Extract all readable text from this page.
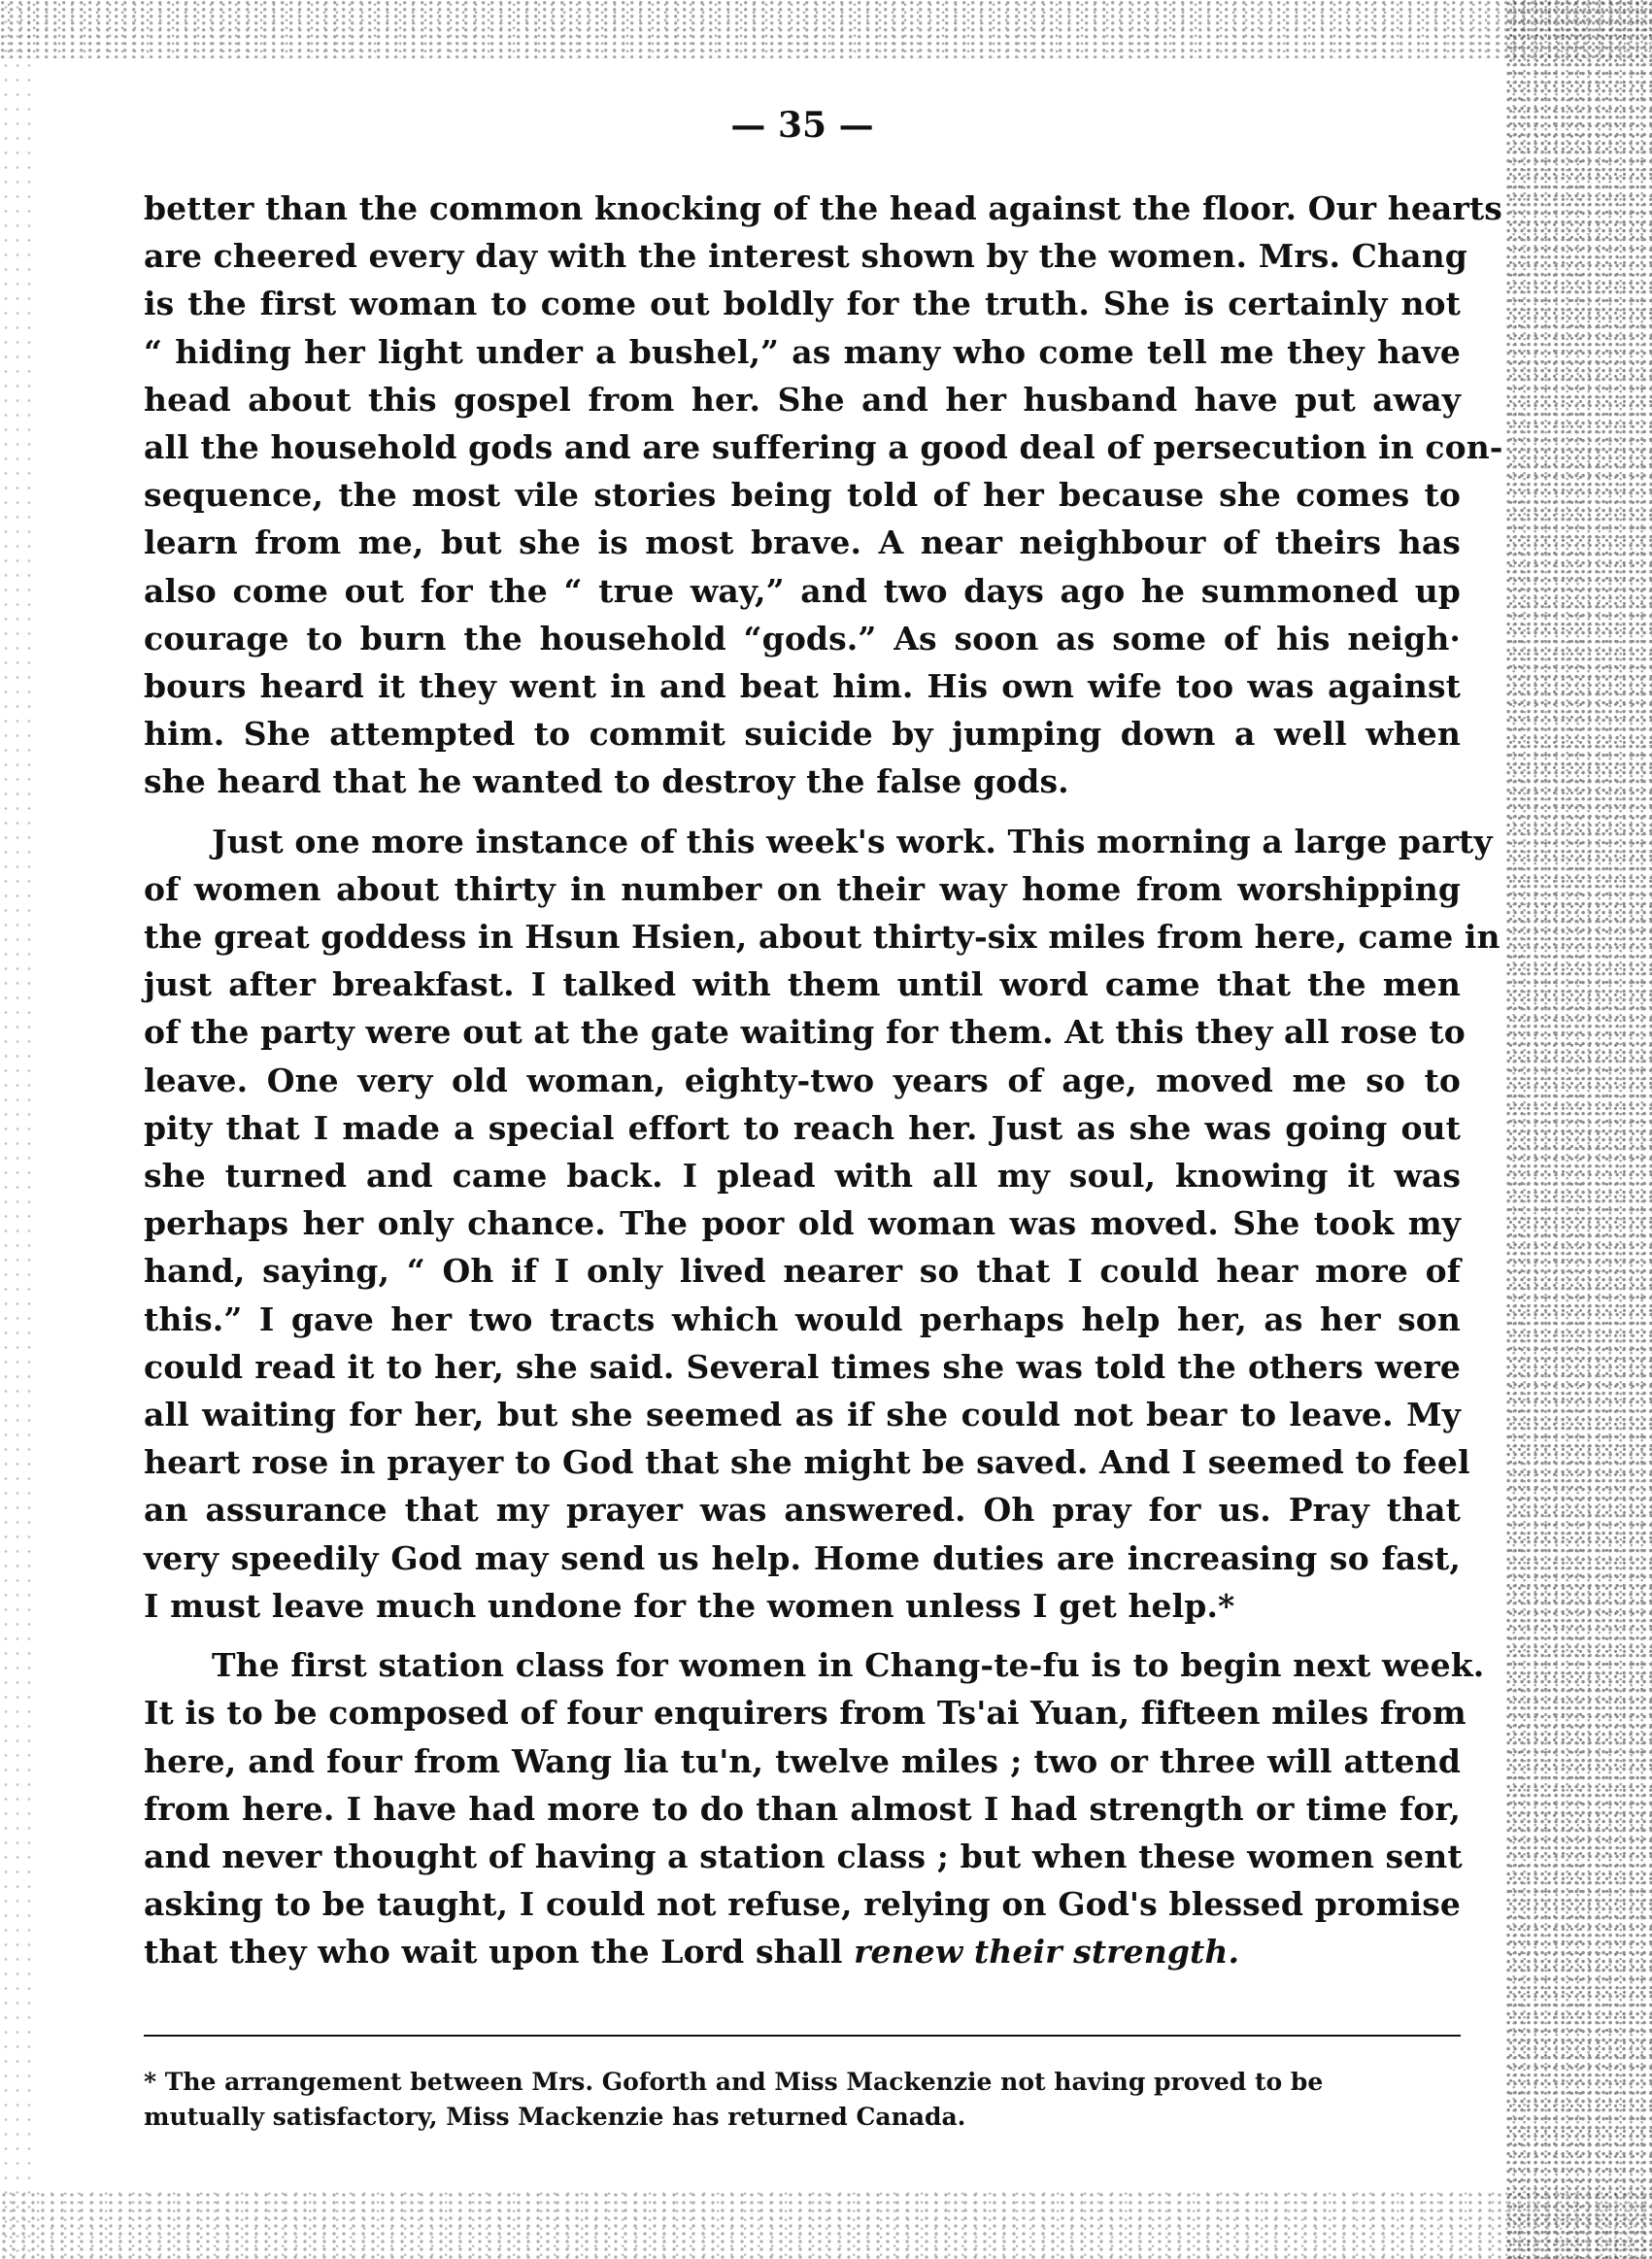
— 35 —
better than the common knocking of the head against the floor. Our hearts
are cheered every day with the interest shown by the women. Mrs. Chang
is the first woman to come out boldly for the truth. She is certainly not
“ hiding her light under a bushel,” as many who come tell me they have
head about this gospel from her. She and her husband have put away
all the household gods and are suffering a good deal of persecution in con-
sequence, the most vile stories being told of her because she comes to
learn from me, but she is most brave. A near neighbour of theirs has
also come out for the “ true way,” and two days ago he summoned up
courage to burn the household “gods.” As soon as some of his neigh·
bours heard it they went in and beat him. His own wife too was against
him. She attempted to commit suicide by jumping down a well when
she heard that he wanted to destroy the false gods.
Just one more instance of this week's work. This morning a large party
of women about thirty in number on their way home from worshipping
the great goddess in Hsun Hsien, about thirty-six miles from here, came in
just after breakfast. I talked with them until word came that the men
of the party were out at the gate waiting for them. At this they all rose to
leave. One very old woman, eighty-two years of age, moved me so to
pity that I made a special effort to reach her. Just as she was going out
she turned and came back. I plead with all my soul, knowing it was
perhaps her only chance. The poor old woman was moved. She took my
hand, saying, “ Oh if I only lived nearer so that I could hear more of
this.” I gave her two tracts which would perhaps help her, as her son
could read it to her, she said. Several times she was told the others were
all waiting for her, but she seemed as if she could not bear to leave. My
heart rose in prayer to God that she might be saved. And I seemed to feel
an assurance that my prayer was answered. Oh pray for us. Pray that
very speedily God may send us help. Home duties are increasing so fast,
I must leave much undone for the women unless I get help.*
The first station class for women in Chang-te-fu is to begin next week.
It is to be composed of four enquirers from Ts'ai Yuan, fifteen miles from
here, and four from Wang lia tu'n, twelve miles ; two or three will attend
from here. I have had more to do than almost I had strength or time for,
and never thought of having a station class ; but when these women sent
asking to be taught, I could not refuse, relying on God's blessed promise
that they who wait upon the Lord shall renew their strength.
* The arrangement between Mrs. Goforth and Miss Mackenzie not having proved to be
mutually satisfactory, Miss Mackenzie has returned Canada.
